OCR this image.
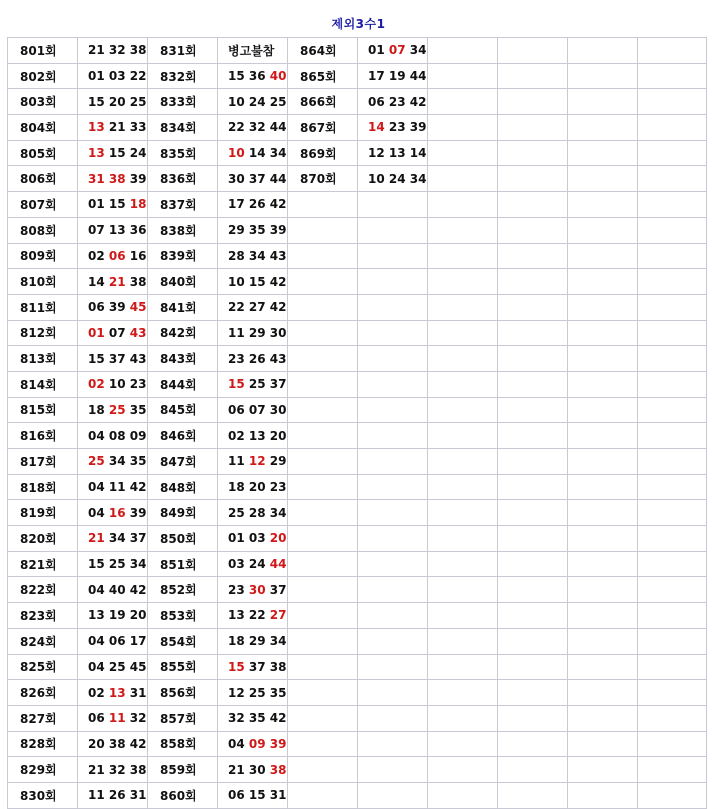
제외3수1
801회	21 32 38	831회	병고불참	864회	01 07 34				
802회	01 03 22	832회	15 36 40	865회	17 19 44				
803회	15 20 25	833회	10 24 25	866회	06 23 42				
804회	13 21 33	834회	22 32 44	867회	14 23 39				
805회	13 15 24	835회	10 14 34	869회	12 13 14				
806회	31 38 39	836회	30 37 44	870회	10 24 34				
807회	01 15 18	837회	17 26 42						
808회	07 13 36	838회	29 35 39						
809회	02 06 16	839회	28 34 43						
810회	14 21 38	840회	10 15 42						
811회	06 39 45	841회	22 27 42						
812회	01 07 43	842회	11 29 30						
813회	15 37 43	843회	23 26 43						
814회	02 10 23	844회	15 25 37						
815회	18 25 35	845회	06 07 30						
816회	04 08 09	846회	02 13 20						
817회	25 34 35	847회	11 12 29						
818회	04 11 42	848회	18 20 23						
819회	04 16 39	849회	25 28 34						
820회	21 34 37	850회	01 03 20						
821회	15 25 34	851회	03 24 44						
822회	04 40 42	852회	23 30 37						
823회	13 19 20	853회	13 22 27						
824회	04 06 17	854회	18 29 34						
825회	04 25 45	855회	15 37 38						
826회	02 13 31	856회	12 25 35						
827회	06 11 32	857회	32 35 42						
828회	20 38 42	858회	04 09 39						
829회	21 32 38	859회	21 30 38						
830회	11 26 31	860회	06 15 31						
